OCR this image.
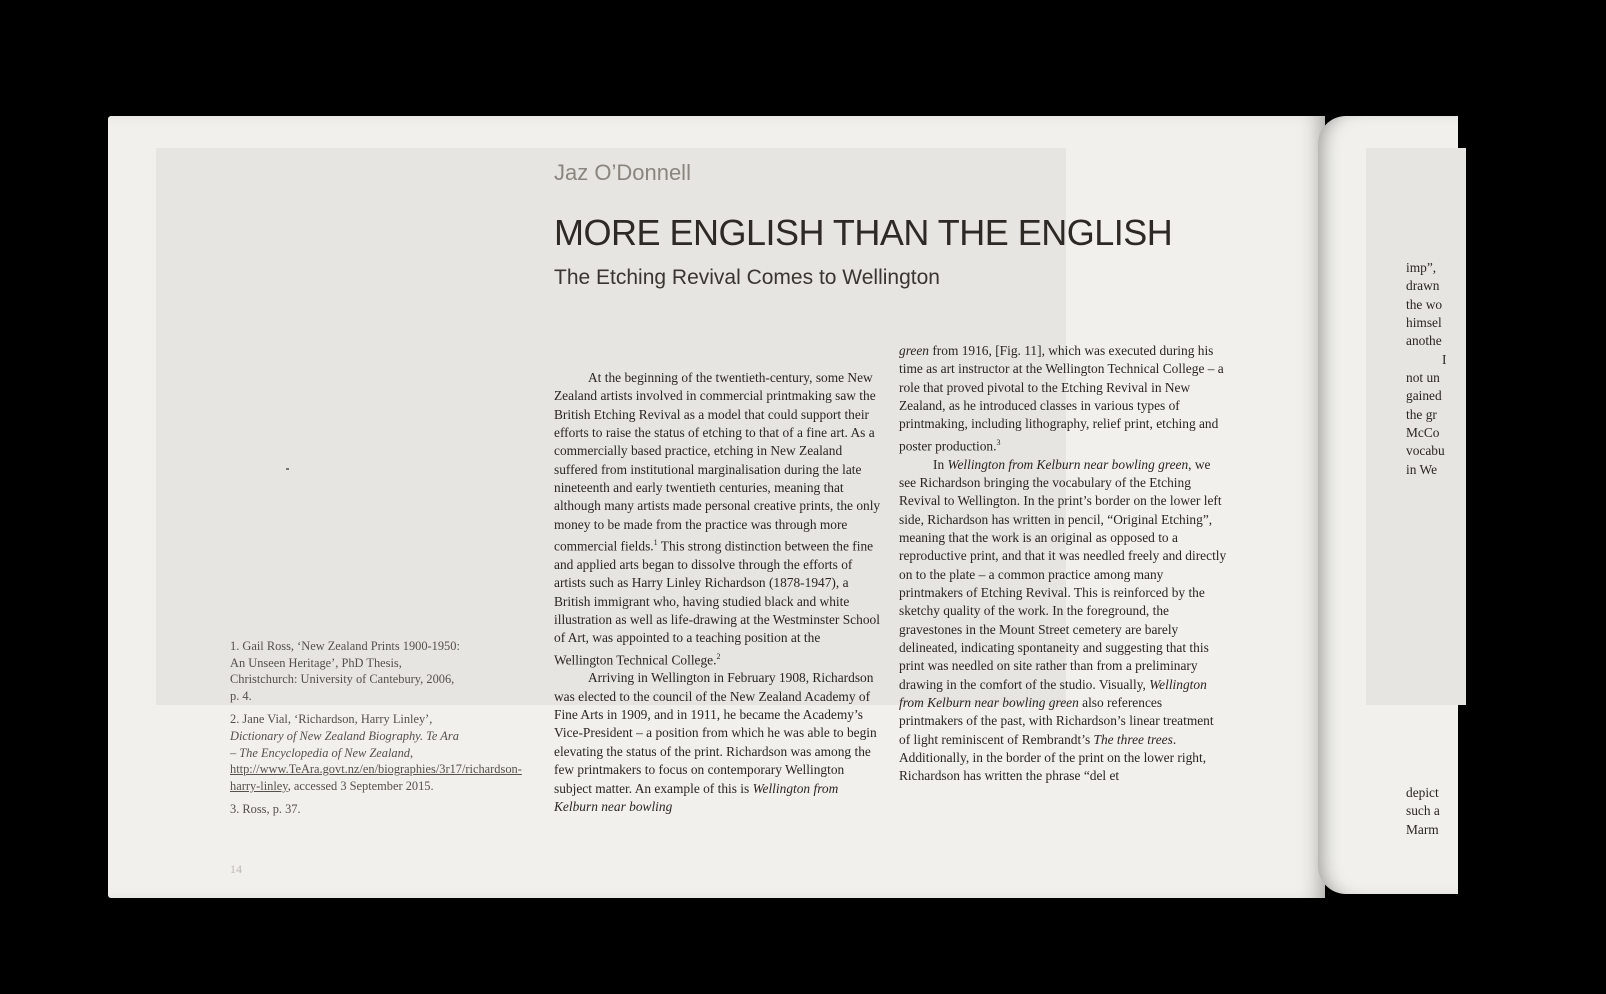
Jaz O’Donnell
MORE ENGLISH THAN THE ENGLISH
The Etching Revival Comes to Wellington

At the beginning of the twentieth-century, some New Zealand artists involved in commercial printmaking saw the British Etching Revival as a model that could support their efforts to raise the status of etching to that of a fine art. As a commercially based practice, etching in New Zealand suffered from institutional marginalisation during the late nineteenth and early twentieth centuries, meaning that although many artists made personal creative prints, the only money to be made from the practice was through more commercial fields.$^1$ This strong distinction between the fine and applied arts began to dissolve through the efforts of artists such as Harry Linley Richardson (1878-1947), a British immigrant who, having studied black and white illustration as well as life-drawing at the Westminster School of Art, was appointed to a teaching position at the Wellington Technical College.$^2$

Arriving in Wellington in February 1908, Richardson was elected to the council of the New Zealand Academy of Fine Arts in 1909, and in 1911, he became the Academy’s Vice-President – a position from which he was able to begin elevating the status of the print. Richardson was among the few printmakers to focus on contemporary Wellington subject matter. An example of this is Wellington from Kelburn near bowling

green from 1916, [Fig. 11], which was executed during his time as art instructor at the Wellington Technical College – a role that proved pivotal to the Etching Revival in New Zealand, as he introduced classes in various types of printmaking, including lithography, relief print, etching and poster production.$^3$

In Wellington from Kelburn near bowling green, we see Richardson bringing the vocabulary of the Etching Revival to Wellington. In the print’s border on the lower left side, Richardson has written in pencil, “Original Etching”, meaning that the work is an original as opposed to a reproductive print, and that it was needled freely and directly on to the plate – a common practice among many printmakers of Etching Revival. This is reinforced by the sketchy quality of the work. In the foreground, the gravestones in the Mount Street cemetery are barely delineated, indicating spontaneity and suggesting that this print was needled on site rather than from a preliminary drawing in the comfort of the studio. Visually, Wellington from Kelburn near bowling green also references printmakers of the past, with Richardson’s linear treatment of light reminiscent of Rembrandt’s The three trees. Additionally, in the border of the print on the lower right, Richardson has written the phrase “del et

1. Gail Ross, ‘New Zealand Prints 1900-1950: An Unseen Heritage’, PhD Thesis, Christchurch: University of Cantebury, 2006, p. 4.

2. Jane Vial, ‘Richardson, Harry Linley’, Dictionary of New Zealand Biography. Te Ara – The Encyclopedia of New Zealand, http://www.TeAra.govt.nz/en/biographies/3r17/richardson-harry-linley, accessed 3 September 2015.

3. Ross, p. 37.

14
imp”,
drawn
the wo
himsel
anothe
I
not un
gained
the gr
McCo
vocabu
in We
depict
such a
Marm
